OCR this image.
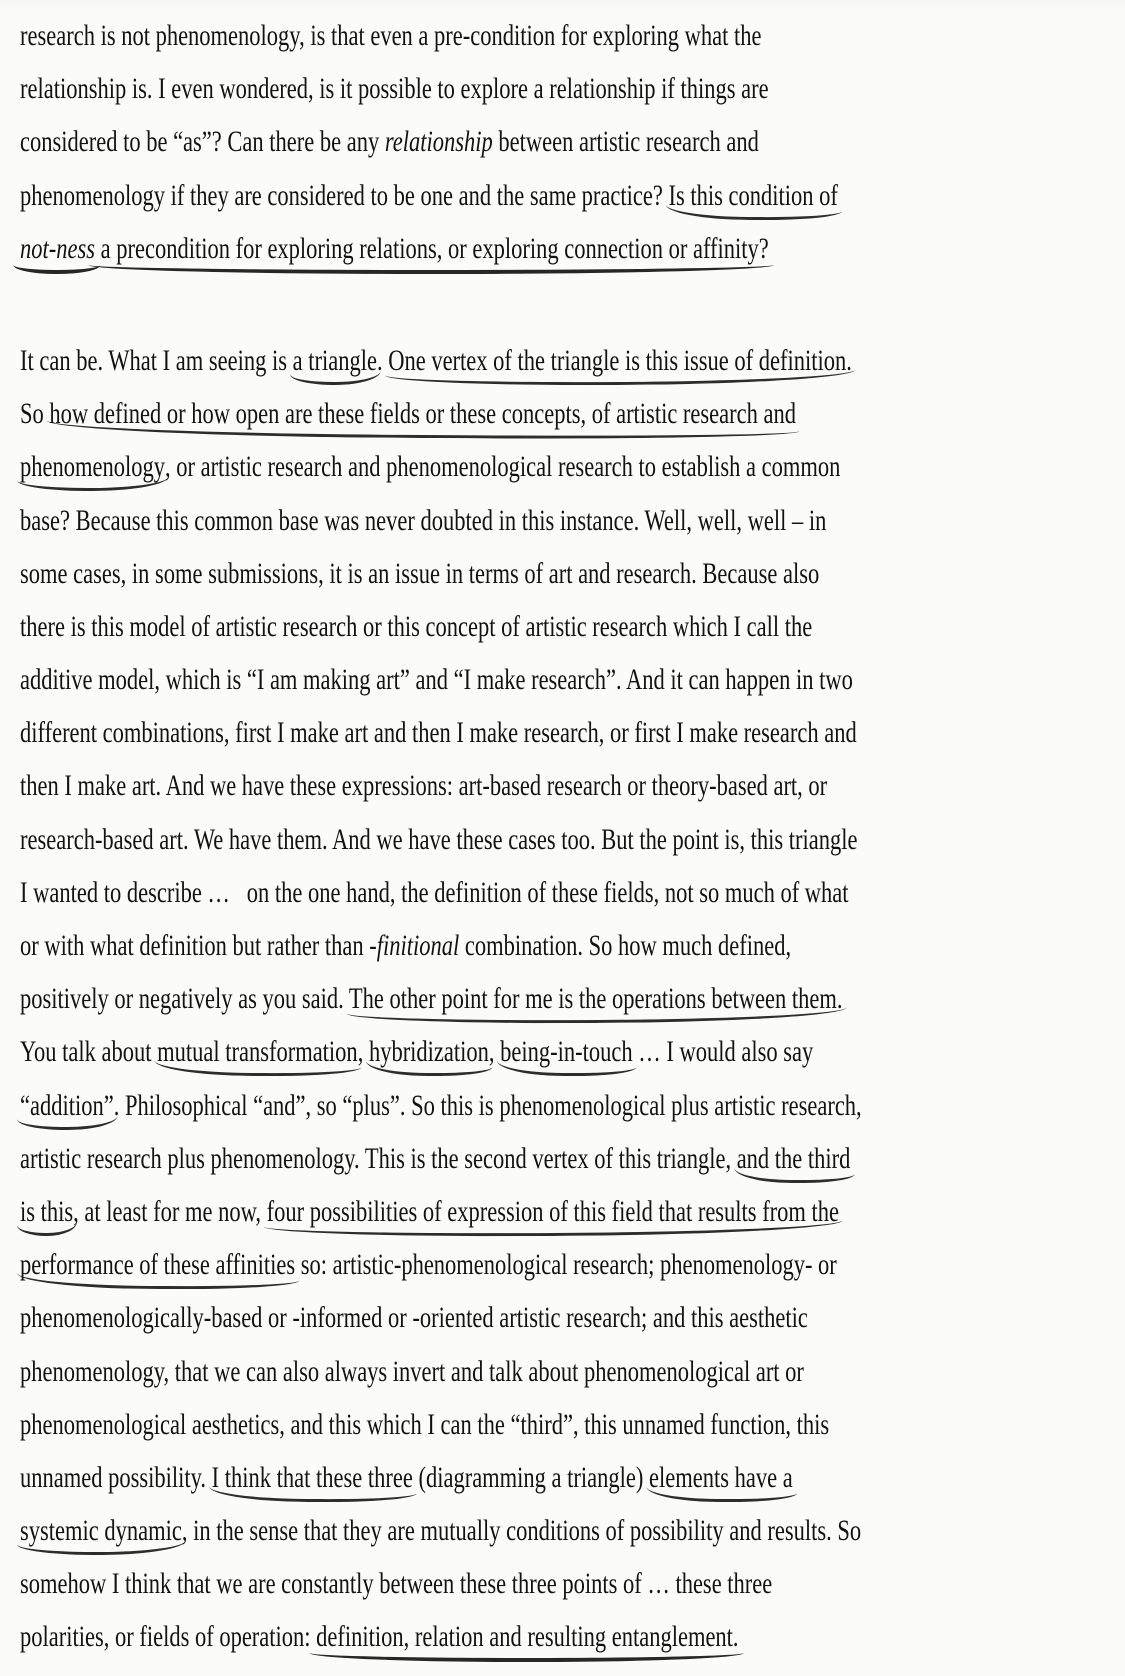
research is not phenomenology, is that even a pre-condition for exploring what the
relationship is. I even wondered, is it possible to explore a relationship if things are
considered to be “as”? Can there be any relationship between artistic research and
phenomenology if they are considered to be one and the same practice? Is this condition of
not-ness a precondition for exploring relations, or exploring connection or affinity?
It can be. What I am seeing is a triangle. One vertex of the triangle is this issue of definition.
So how defined or how open are these fields or these concepts, of artistic research and
phenomenology, or artistic research and phenomenological research to establish a common
base? Because this common base was never doubted in this instance. Well, well, well – in
some cases, in some submissions, it is an issue in terms of art and research. Because also
there is this model of artistic research or this concept of artistic research which I call the
additive model, which is “I am making art” and “I make research”. And it can happen in two
different combinations, first I make art and then I make research, or first I make research and
then I make art. And we have these expressions: art-based research or theory-based art, or
research-based art. We have them. And we have these cases too. But the point is, this triangle
I wanted to describe …   on the one hand, the definition of these fields, not so much of what
or with what definition but rather than -finitional combination. So how much defined,
positively or negatively as you said. The other point for me is the operations between them.
You talk about mutual transformation, hybridization, being-in-touch … I would also say
“addition”. Philosophical “and”, so “plus”. So this is phenomenological plus artistic research,
artistic research plus phenomenology. This is the second vertex of this triangle, and the third
is this, at least for me now, four possibilities of expression of this field that results from the
performance of these affinities so: artistic-phenomenological research; phenomenology- or
phenomenologically-based or -informed or -oriented artistic research; and this aesthetic
phenomenology, that we can also always invert and talk about phenomenological art or
phenomenological aesthetics, and this which I can the “third”, this unnamed function, this
unnamed possibility. I think that these three (diagramming a triangle) elements have a
systemic dynamic, in the sense that they are mutually conditions of possibility and results. So
somehow I think that we are constantly between these three points of … these three
polarities, or fields of operation: definition, relation and resulting entanglement.
